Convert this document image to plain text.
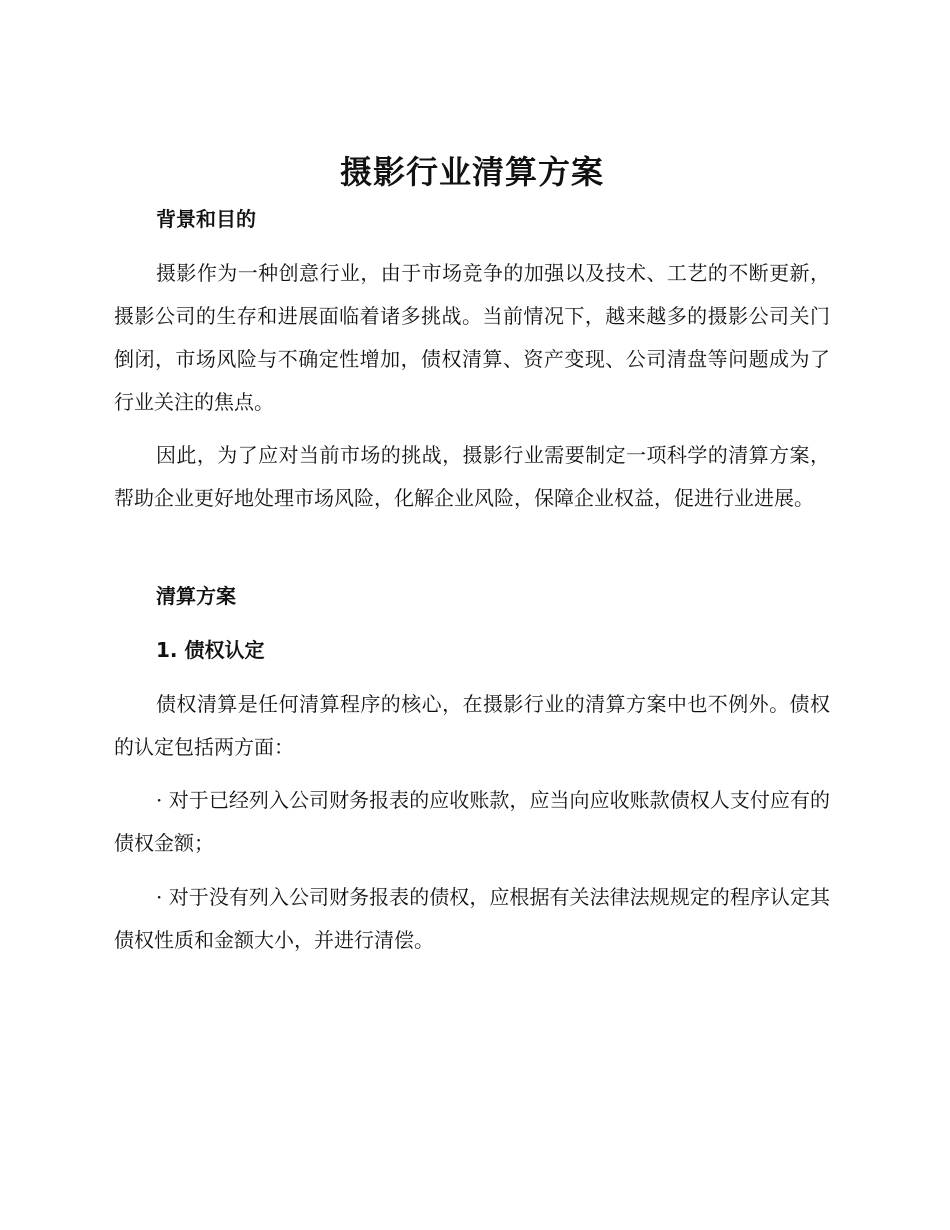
摄影行业清算方案
背景和目的

摄影作为一种创意行业，由于市场竞争的加强以及技术、工艺的不断更新，摄影公司的生存和进展面临着诸多挑战。当前情况下，越来越多的摄影公司关门倒闭，市场风险与不确定性增加，债权清算、资产变现、公司清盘等问题成为了行业关注的焦点。

因此，为了应对当前市场的挑战，摄影行业需要制定一项科学的清算方案，帮助企业更好地处理市场风险，化解企业风险，保障企业权益，促进行业进展。

清算方案
1. 债权认定

债权清算是任何清算程序的核心，在摄影行业的清算方案中也不例外。债权的认定包括两方面：

· 对于已经列入公司财务报表的应收账款，应当向应收账款债权人支付应有的债权金额；

· 对于没有列入公司财务报表的债权，应根据有关法律法规规定的程序认定其债权性质和金额大小，并进行清偿。
